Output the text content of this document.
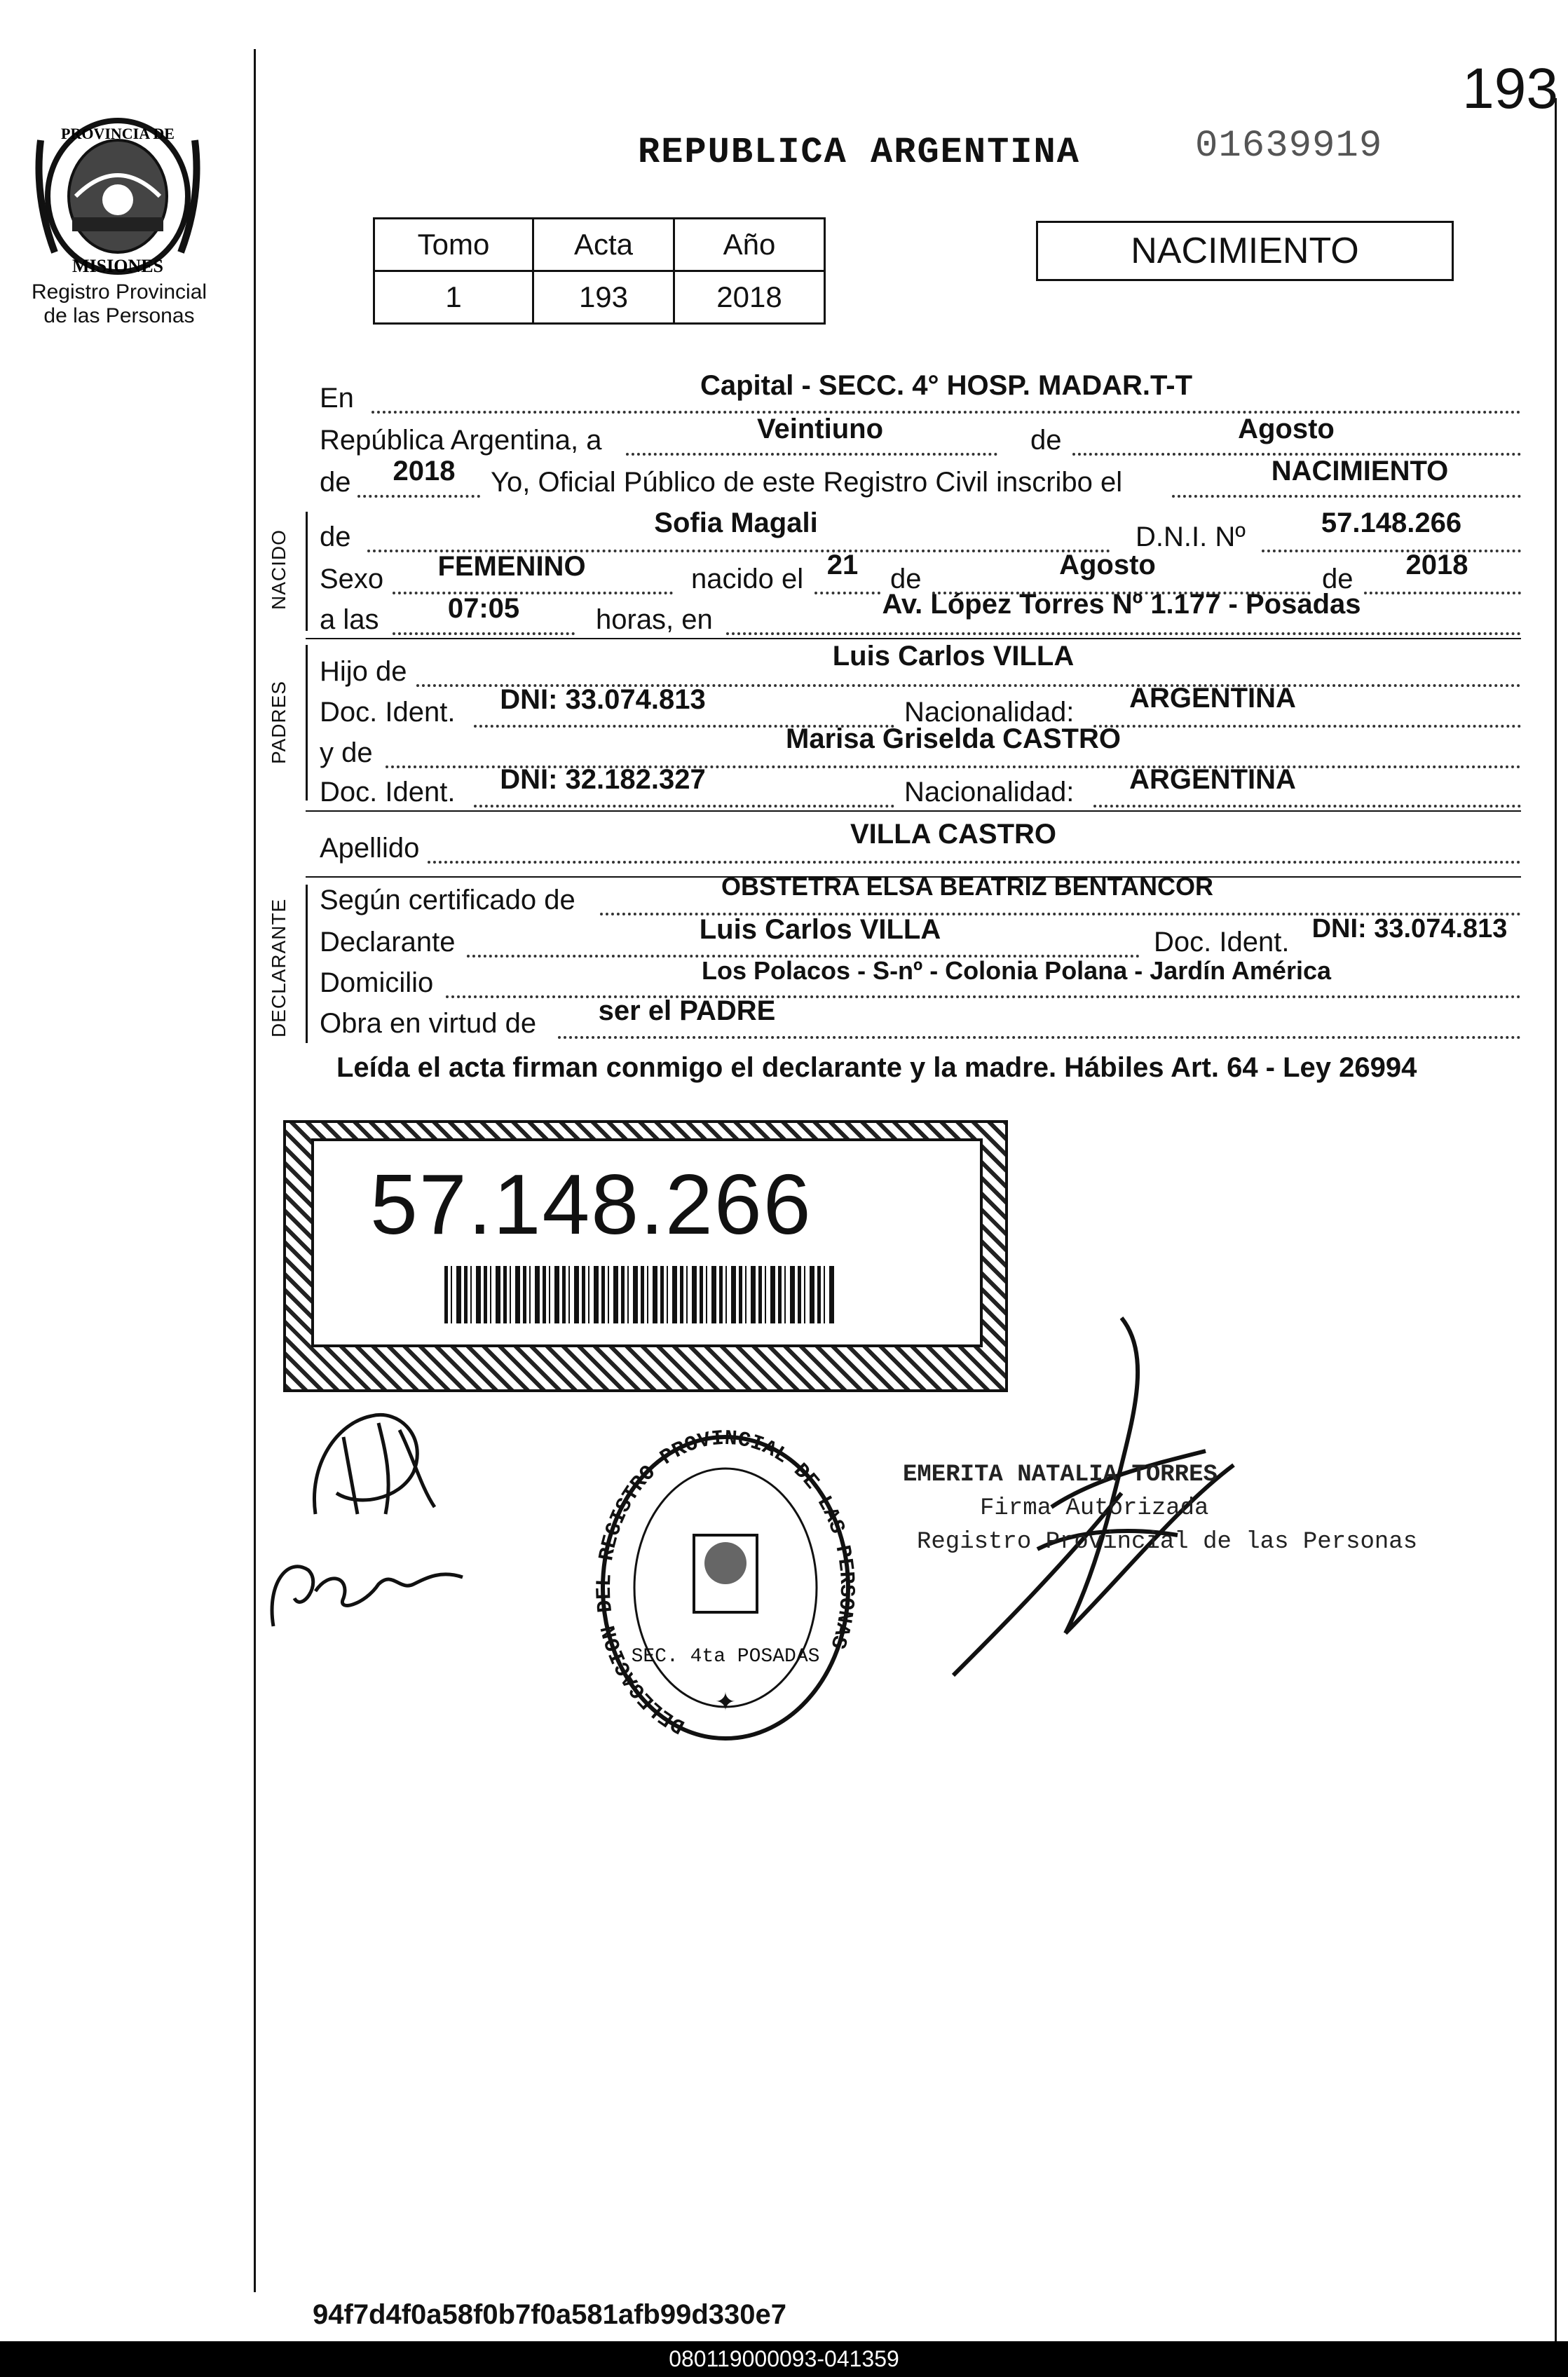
PROVINCIA DE
MISIONES
Registro Provincial
de las Personas
193
REPUBLICA ARGENTINA	01639919
Tomo	Acta	Año
1	193	2018
NACIMIENTO
En	Capital - SECC. 4° HOSP. MADAR.T-T
República Argentina, a	Veintiuno	de	Agosto
de	2018	Yo, Oficial Público de este Registro Civil inscribo el	NACIMIENTO
NACIDO de	Sofia Magali	D.N.I. Nº	57.148.266
Sexo	FEMENINO	nacido el 21	de	Agosto	de	2018
a las	07:05	horas, en	Av. López Torres Nº 1.177 - Posadas
PADRES
Hijo de	Luis Carlos VILLA
Doc. Ident.	DNI: 33.074.813	Nacionalidad:	ARGENTINA
y de	Marisa Griselda CASTRO
Doc. Ident.	DNI: 32.182.327	Nacionalidad:	ARGENTINA
Apellido	VILLA CASTRO
DECLARANTE Según certificado de	OBSTETRA ELSA BEATRIZ BENTANCOR
Declarante	Luis Carlos VILLA	Doc. Ident. DNI: 33.074.813
Domicilio	Los Polacos - S-nº - Colonia Polana - Jardín América
Obra en virtud de	ser el PADRE
Leída el acta firman conmigo el declarante y la madre. Hábiles Art. 64 - Ley 26994
57.148.266
DELEGACION D REGISTRO PROVINCIAL DE LAS PE NAS
SEC. 4ta POSADAS
✦
EMERITA NATALIA TORRES
Firma Autorizada
Registro Provincial de las Personas
94f7d4f0a58f0b7f0a581afb99d330e7
080119000093-041359
